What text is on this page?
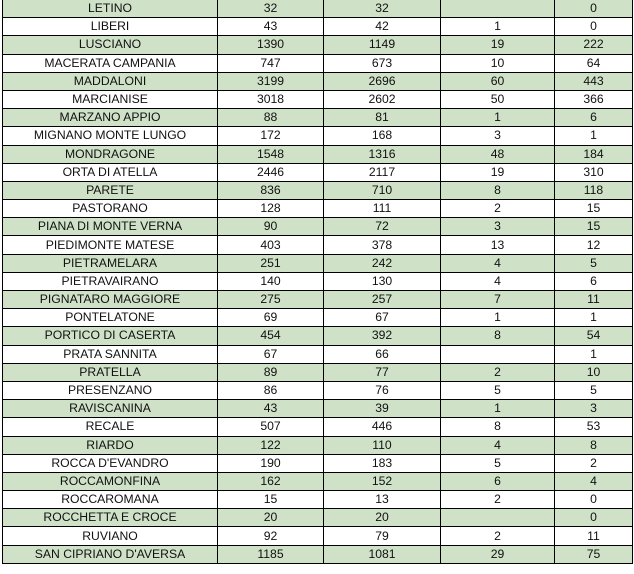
LETINO	32	32		0
LIBERI	43	42	1	0
LUSCIANO	1390	1149	19	222
MACERATA CAMPANIA	747	673	10	64
MADDALONI	3199	2696	60	443
MARCIANISE	3018	2602	50	366
MARZANO APPIO	88	81	1	6
MIGNANO MONTE LUNGO	172	168	3	1
MONDRAGONE	1548	1316	48	184
ORTA DI ATELLA	2446	2117	19	310
PARETE	836	710	8	118
PASTORANO	128	111	2	15
PIANA DI MONTE VERNA	90	72	3	15
PIEDIMONTE MATESE	403	378	13	12
PIETRAMELARA	251	242	4	5
PIETRAVAIRANO	140	130	4	6
PIGNATARO MAGGIORE	275	257	7	11
PONTELATONE	69	67	1	1
PORTICO DI CASERTA	454	392	8	54
PRATA SANNITA	67	66		1
PRATELLA	89	77	2	10
PRESENZANO	86	76	5	5
RAVISCANINA	43	39	1	3
RECALE	507	446	8	53
RIARDO	122	110	4	8
ROCCA D'EVANDRO	190	183	5	2
ROCCAMONFINA	162	152	6	4
ROCCAROMANA	15	13	2	0
ROCCHETTA E CROCE	20	20		0
RUVIANO	92	79	2	11
SAN CIPRIANO D'AVERSA	1185	1081	29	75
